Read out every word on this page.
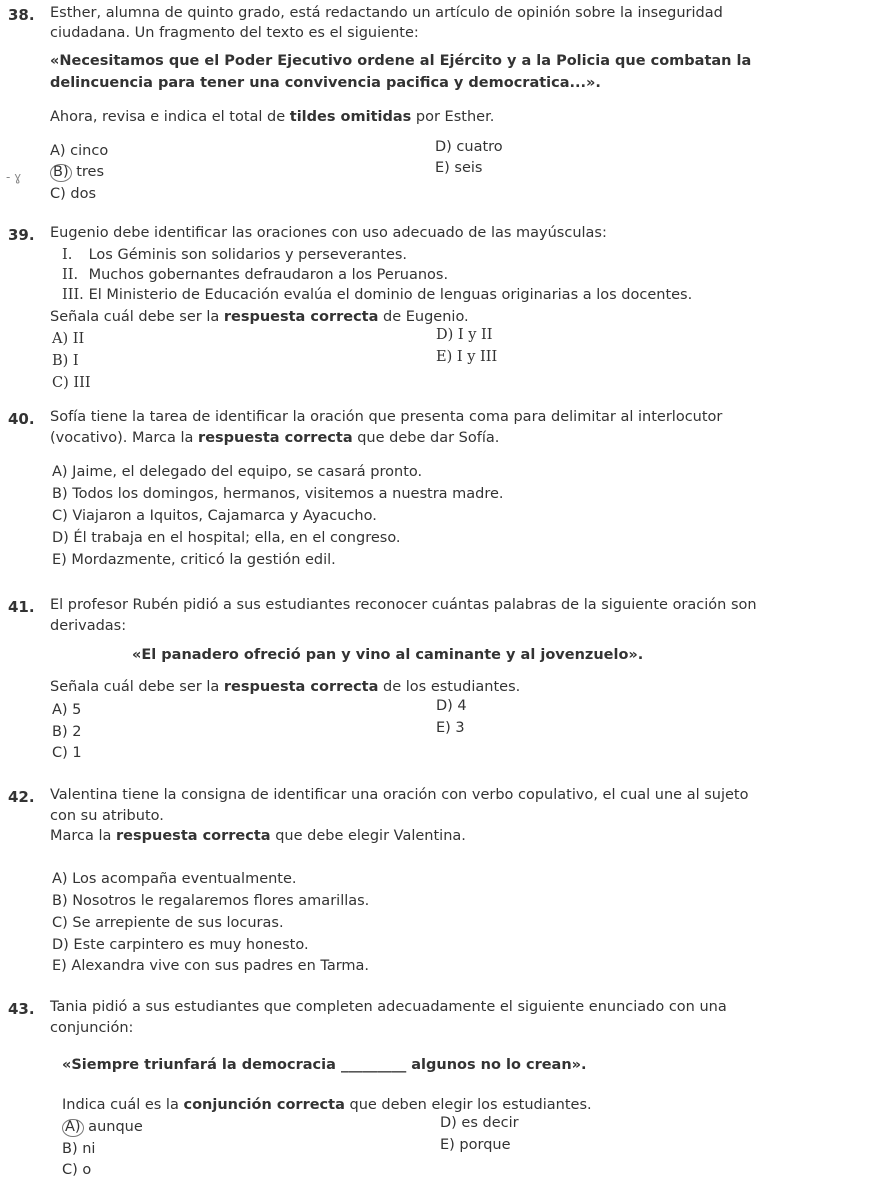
38. Esther, alumna de quinto grado, está redactando un artículo de opinión sobre la inseguridad
ciudadana. Un fragmento del texto es el siguiente:
«Necesitamos que el Poder Ejecutivo ordene al Ejército y a la Policia que combatan la
delincuencia para tener una convivencia pacifica y democratica...».
Ahora, revisa e indica el total de tildes omitidas por Esther.
- ɣ
A) cinco
B) tres
C) dos
D) cuatro
E) seis
39. Eugenio debe identificar las oraciones con uso adecuado de las mayúsculas:
I. Los Géminis son solidarios y perseverantes.
II. Muchos gobernantes defraudaron a los Peruanos.
III. El Ministerio de Educación evalúa el dominio de lenguas originarias a los docentes.
Señala cuál debe ser la respuesta correcta de Eugenio.
A) II
B) I
C) III
D) I y II
E) I y III
40. Sofía tiene la tarea de identificar la oración que presenta coma para delimitar al interlocutor
(vocativo). Marca la respuesta correcta que debe dar Sofía.
A) Jaime, el delegado del equipo, se casará pronto.
B) Todos los domingos, hermanos, visitemos a nuestra madre.
C) Viajaron a Iquitos, Cajamarca y Ayacucho.
D) Él trabaja en el hospital; ella, en el congreso.
E) Mordazmente, criticó la gestión edil.
41. El profesor Rubén pidió a sus estudiantes reconocer cuántas palabras de la siguiente oración son
derivadas:
«El panadero ofreció pan y vino al caminante y al jovenzuelo».
Señala cuál debe ser la respuesta correcta de los estudiantes.
A) 5
B) 2
C) 1
D) 4
E) 3
42. Valentina tiene la consigna de identificar una oración con verbo copulativo, el cual une al sujeto
con su atributo.
Marca la respuesta correcta que debe elegir Valentina.
A) Los acompaña eventualmente.
B) Nosotros le regalaremos flores amarillas.
C) Se arrepiente de sus locuras.
D) Este carpintero es muy honesto.
E) Alexandra vive con sus padres en Tarma.
43. Tania pidió a sus estudiantes que completen adecuadamente el siguiente enunciado con una
conjunción:
«Siempre triunfará la democracia _________ algunos no lo crean».
Indica cuál es la conjunción correcta que deben elegir los estudiantes.
A) aunque
B) ni
C) o
D) es decir
E) porque
